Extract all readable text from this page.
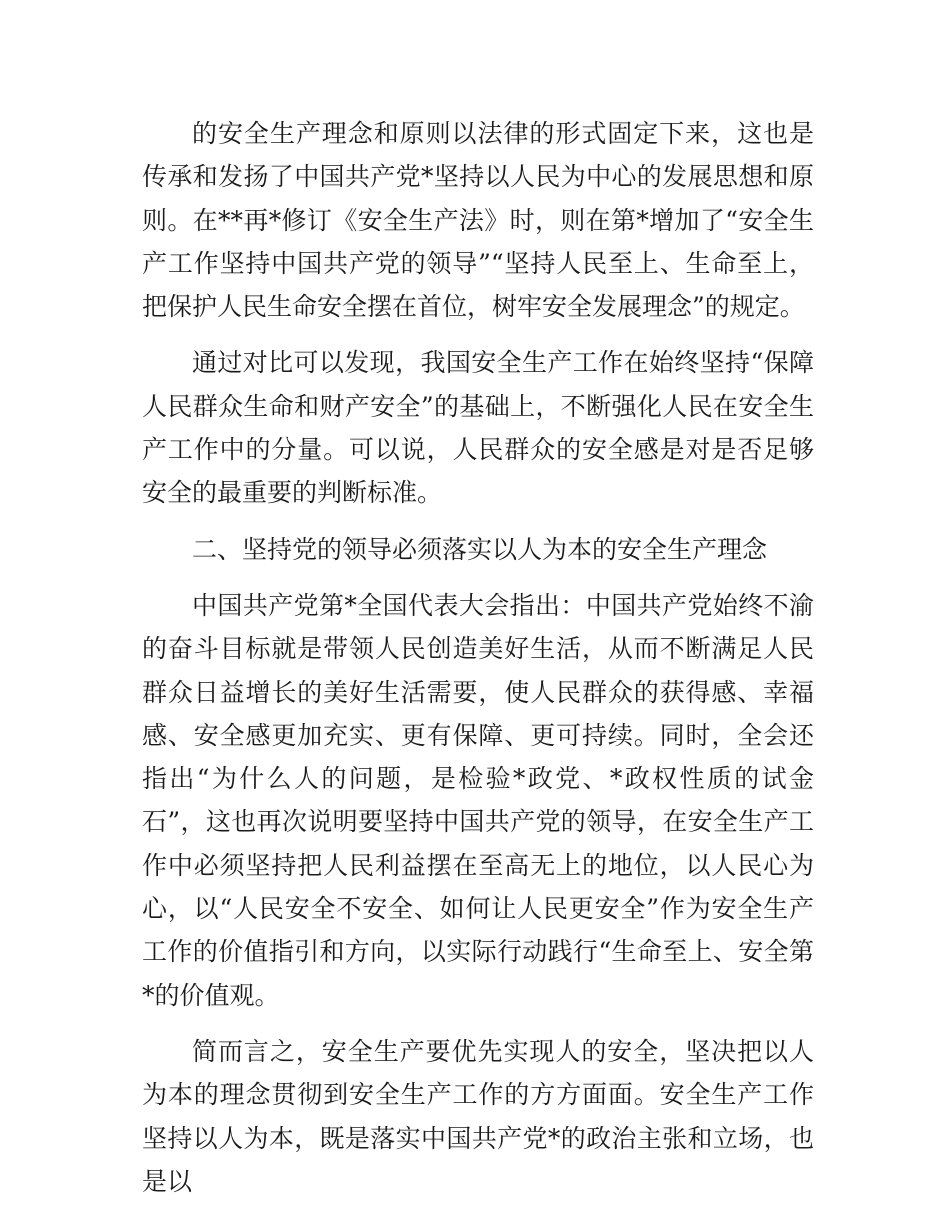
的安全生产理念和原则以法律的形式固定下来，这也是传承和发扬了中国共产党*坚持以人民为中心的发展思想和原则。在**再*修订《安全生产法》时，则在第*增加了“安全生产工作坚持中国共产党的领导”“坚持人民至上、生命至上，把保护人民生命安全摆在首位，树牢安全发展理念”的规定。

通过对比可以发现，我国安全生产工作在始终坚持“保障人民群众生命和财产安全”的基础上，不断强化人民在安全生产工作中的分量。可以说，人民群众的安全感是对是否足够安全的最重要的判断标准。

二、坚持党的领导必须落实以人为本的安全生产理念

中国共产党第*全国代表大会指出：中国共产党始终不渝的奋斗目标就是带领人民创造美好生活，从而不断满足人民群众日益增长的美好生活需要，使人民群众的获得感、幸福感、安全感更加充实、更有保障、更可持续。同时，全会还指出“为什么人的问题，是检验*政党、*政权性质的试金石”，这也再次说明要坚持中国共产党的领导，在安全生产工作中必须坚持把人民利益摆在至高无上的地位，以人民心为心，以“人民安全不安全、如何让人民更安全”作为安全生产工作的价值指引和方向，以实际行动践行“生命至上、安全第*的价值观。

简而言之，安全生产要优先实现人的安全，坚决把以人为本的理念贯彻到安全生产工作的方方面面。安全生产工作坚持以人为本，既是落实中国共产党*的政治主张和立场，也是以
